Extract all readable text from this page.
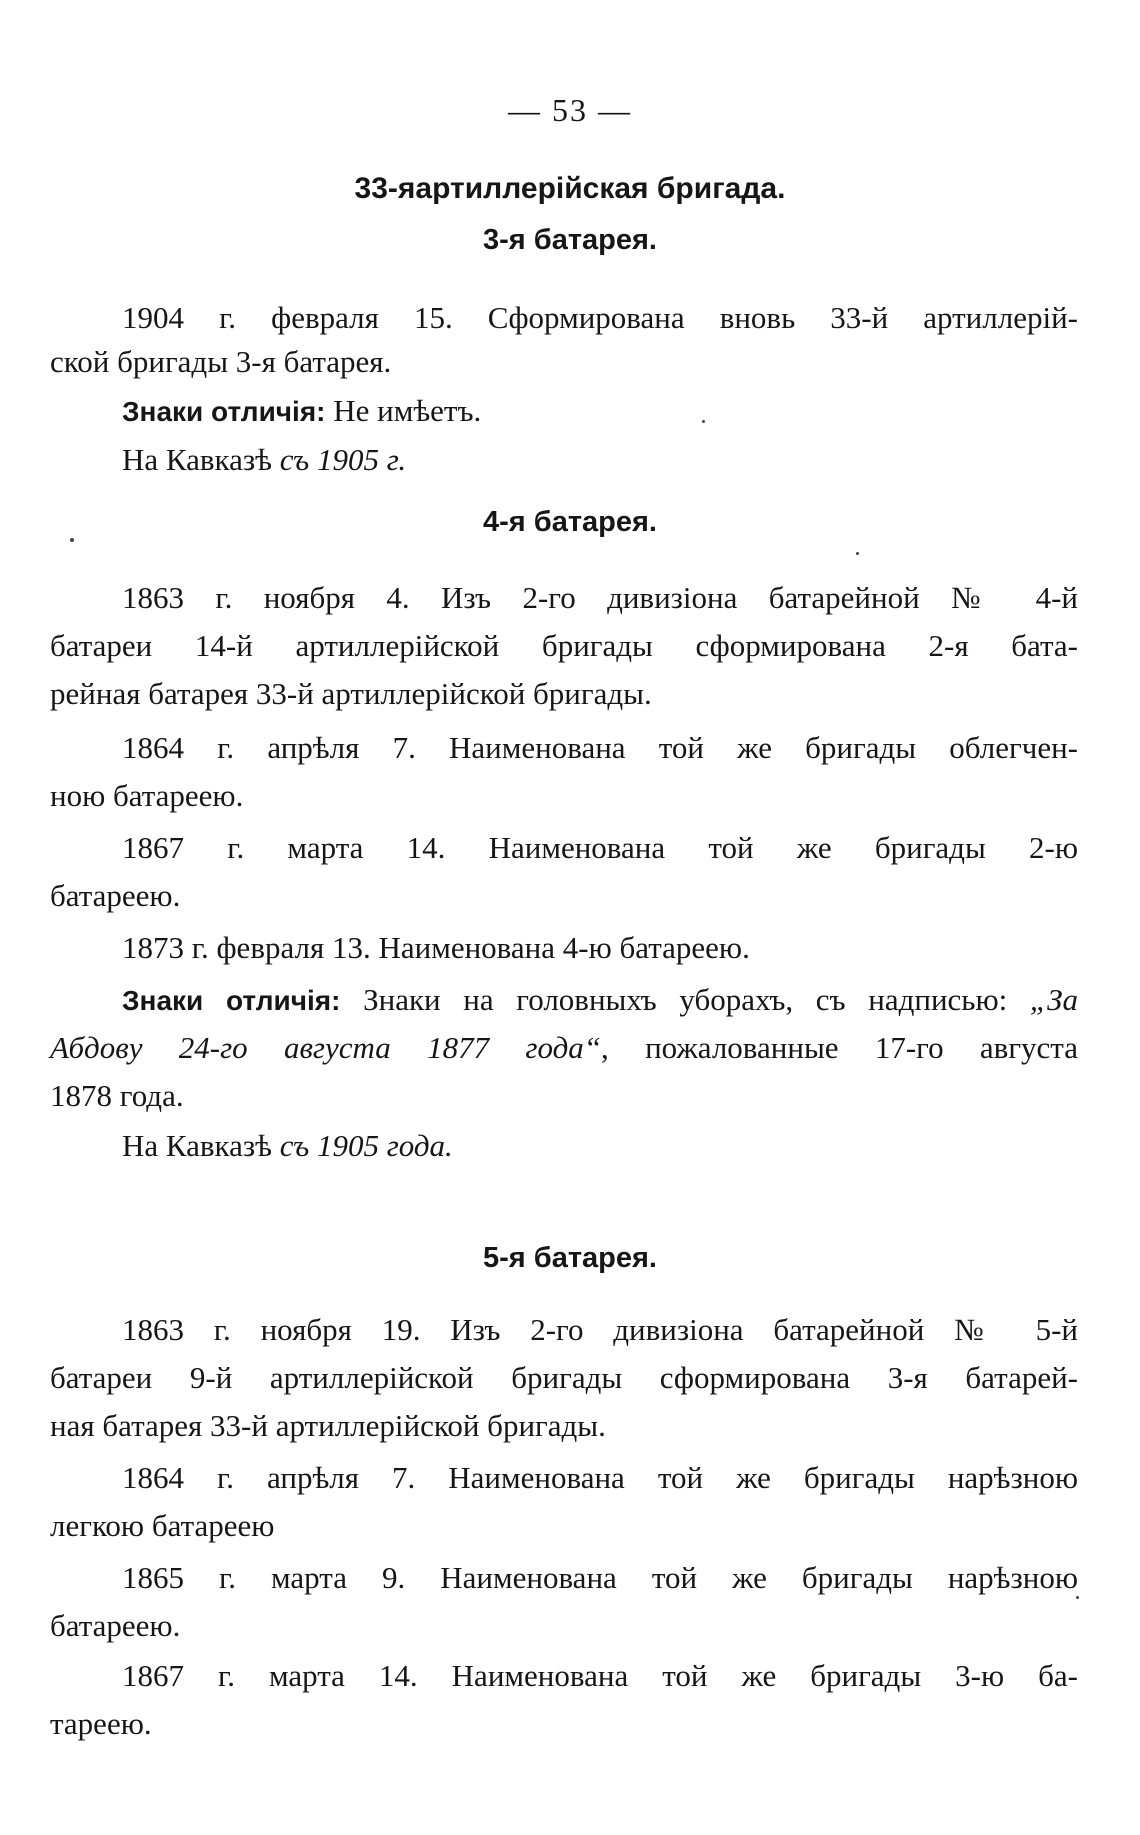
— 53 —
33-яартиллерійская бригада.
3-я батарея.
1904 г. февраля 15. Сформирована вновь 33-й артиллерій-
ской бригады 3-я батарея.
Знаки отличія: Не имѣетъ.
На Кавказѣ съ 1905 г.
4-я батарея.
1863 г. ноября 4. Изъ 2-го дивизіона батарейной № 4-й
батареи 14-й артиллерійской бригады сформирована 2-я бата-
рейная батарея 33-й артиллерійской бригады.
1864 г. апрѣля 7. Наименована той же бригады облегчен-
ною батареею.
1867 г. марта 14. Наименована той же бригады 2-ю
батареею.
1873 г. февраля 13. Наименована 4-ю батареею.
Знаки отличія: Знаки на головныхъ уборахъ, съ надписью: „За
Абдову 24-го августа 1877 года“, пожалованные 17-го августа
1878 года.
На Кавказѣ съ 1905 года.
5-я батарея.
1863 г. ноября 19. Изъ 2-го дивизіона батарейной № 5-й
батареи 9-й артиллерійской бригады сформирована 3-я батарей-
ная батарея 33-й артиллерійской бригады.
1864 г. апрѣля 7. Наименована той же бригады нарѣзною
легкою батареею
1865 г. марта 9. Наименована той же бригады нарѣзною
батареею.
1867 г. марта 14. Наименована той же бригады 3-ю ба-
тареею.
